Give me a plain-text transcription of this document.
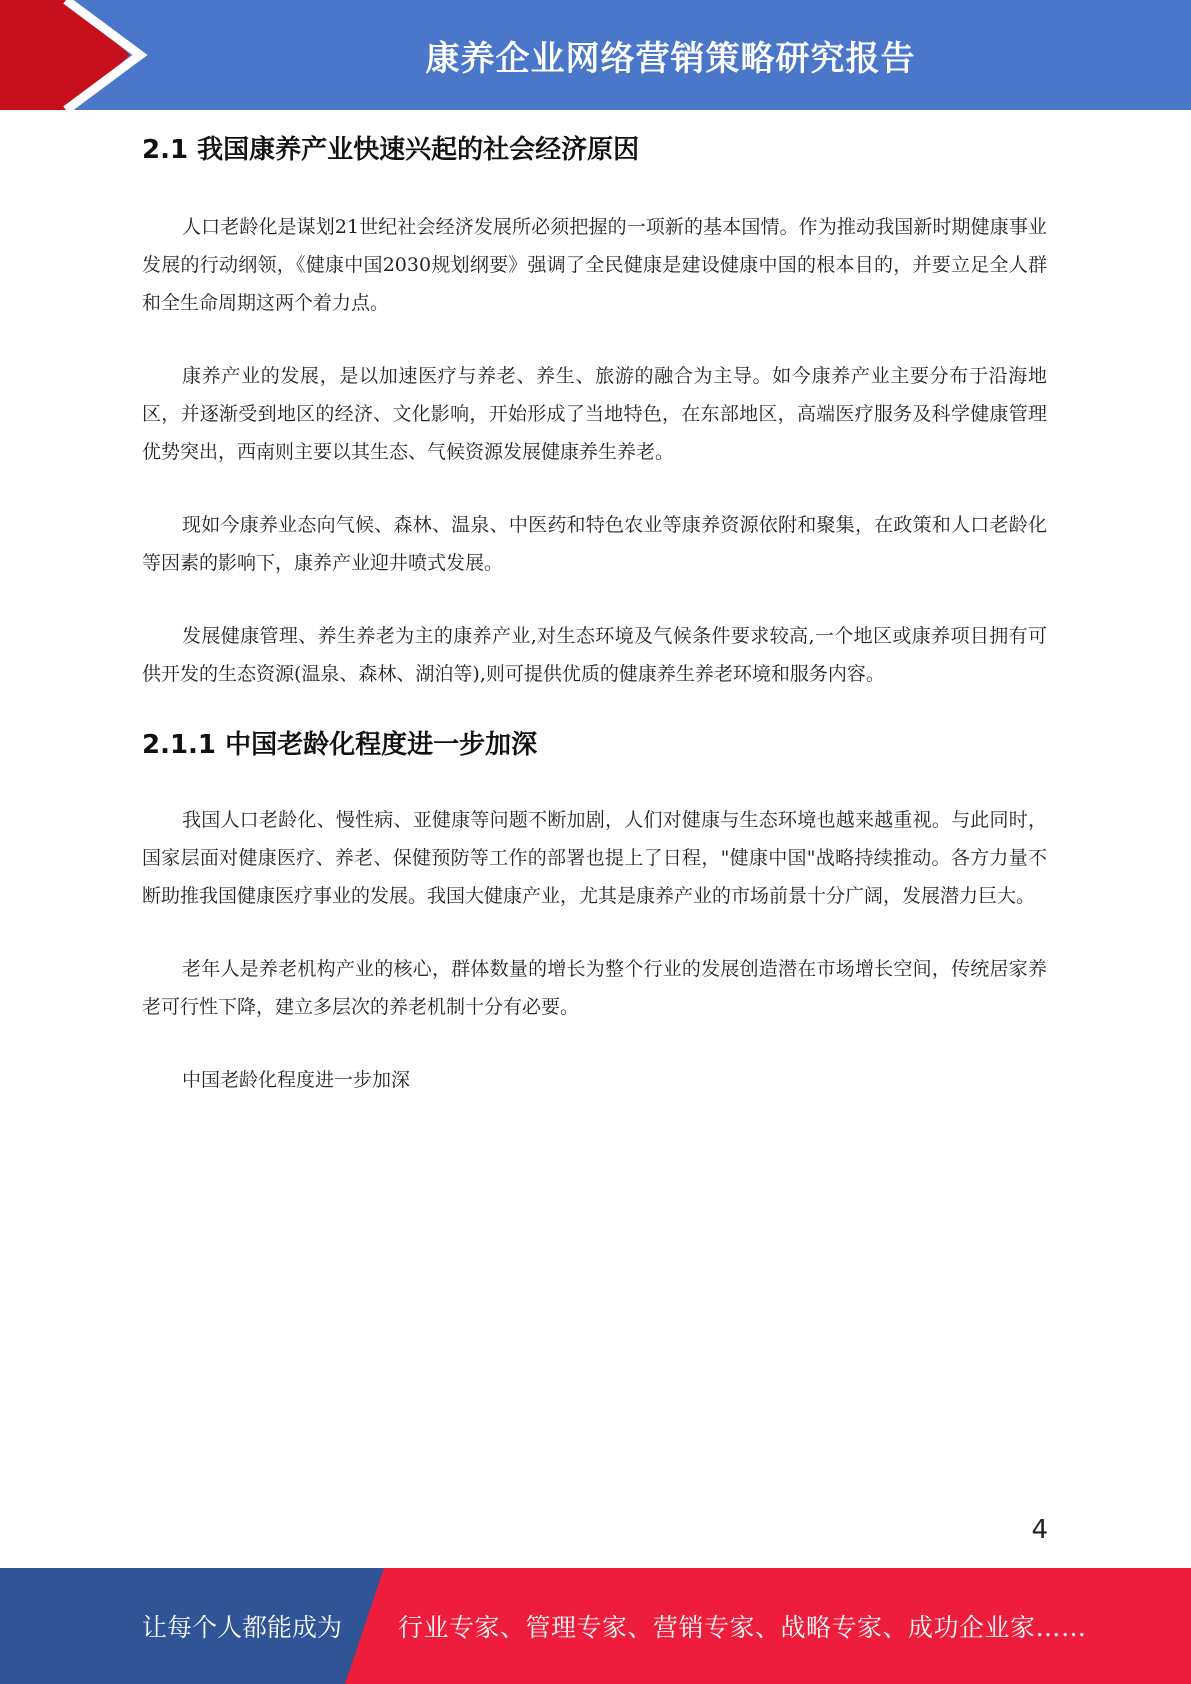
康养企业网络营销策略研究报告
2.1 我国康养产业快速兴起的社会经济原因

人口老龄化是谋划21世纪社会经济发展所必须把握的一项新的基本国情。作为推动我国新时期健康事业发展的行动纲领，《健康中国2030规划纲要》强调了全民健康是建设健康中国的根本目的，并要立足全人群和全生命周期这两个着力点。

康养产业的发展，是以加速医疗与养老、养生、旅游的融合为主导。如今康养产业主要分布于沿海地区，并逐渐受到地区的经济、文化影响，开始形成了当地特色，在东部地区，高端医疗服务及科学健康管理优势突出，西南则主要以其生态、气候资源发展健康养生养老。

现如今康养业态向气候、森林、温泉、中医药和特色农业等康养资源依附和聚集，在政策和人口老龄化等因素的影响下，康养产业迎井喷式发展。

发展健康管理、养生养老为主的康养产业,对生态环境及气候条件要求较高,一个地区或康养项目拥有可供开发的生态资源(温泉、森林、湖泊等),则可提供优质的健康养生养老环境和服务内容。

2.1.1 中国老龄化程度进一步加深

我国人口老龄化、慢性病、亚健康等问题不断加剧，人们对健康与生态环境也越来越重视。与此同时，国家层面对健康医疗、养老、保健预防等工作的部署也提上了日程，"健康中国"战略持续推动。各方力量不断助推我国健康医疗事业的发展。我国大健康产业，尤其是康养产业的市场前景十分广阔，发展潜力巨大。

老年人是养老机构产业的核心，群体数量的增长为整个行业的发展创造潜在市场增长空间，传统居家养老可行性下降，建立多层次的养老机制十分有必要。

中国老龄化程度进一步加深

4
让每个人都能成为 行业专家、管理专家、营销专家、战略专家、成功企业家……
